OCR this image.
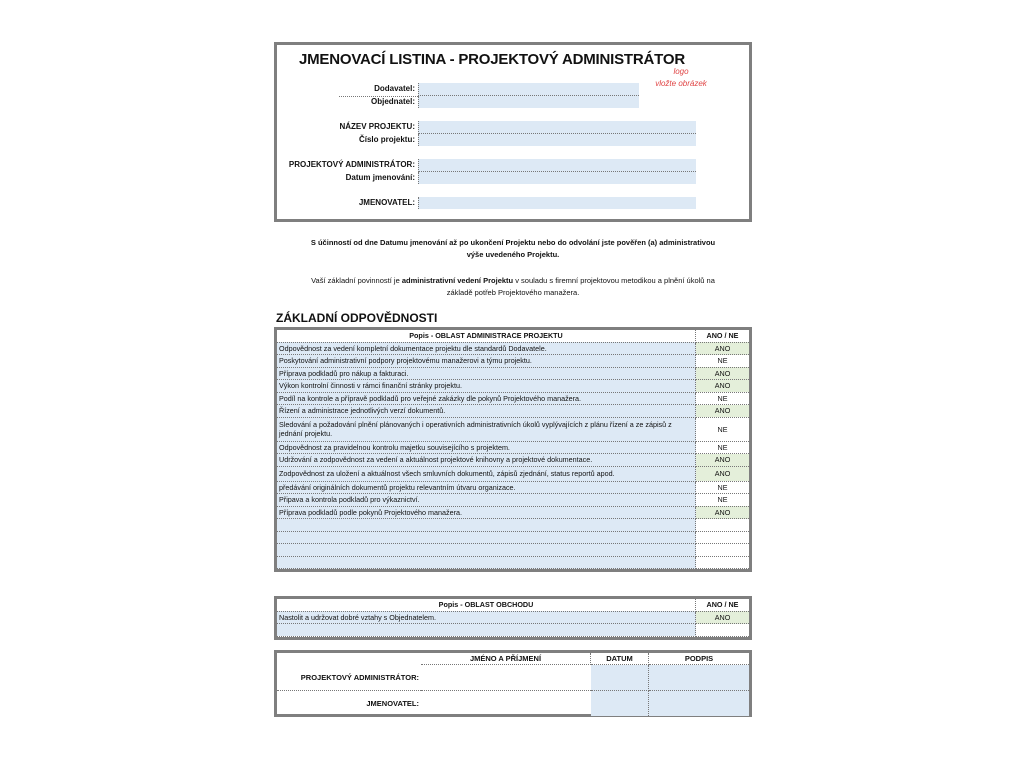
JMENOVACÍ LISTINA - PROJEKTOVÝ ADMINISTRÁTOR
logo
vložte obrázek
Dodavatel:
Objednatel:
NÁZEV PROJEKTU:
Číslo projektu:
PROJEKTOVÝ ADMINISTRÁTOR:
Datum jmenování:
JMENOVATEL:
S účinností od dne Datumu jmenování až po ukončení Projektu nebo do odvolání jste pověřen (a) administrativou výše uvedeného Projektu.
Vaší základní povinností je administrativní vedení Projektu v souladu s firemní projektovou metodikou a plnění úkolů na základě potřeb Projektového manažera.
ZÁKLADNÍ ODPOVĚDNOSTI
Popis - OBLAST ADMINISTRACE PROJEKTU	ANO / NE
Odpovědnost za vedení kompletní dokumentace projektu dle standardů Dodavatele.	ANO
Poskytování administrativní podpory projektovému manažerovi a týmu projektu.	NE
Příprava podkladů pro nákup a fakturaci.	ANO
Výkon kontrolní činnosti v rámci finanční stránky projektu.	ANO
Podíl na kontrole a přípravě podkladů pro veřejné zakázky dle pokynů Projektového manažera.	NE
Řízení a administrace jednotlivých verzí dokumentů.	ANO
Sledování a požadování plnění plánovaných i operativních administrativních úkolů vyplývajících z plánu řízení a ze zápisů z jednání projektu.	NE
Odpovědnost za pravidelnou kontrolu majetku souvisejícího s projektem.	NE
Udržování a zodpovědnost za vedení a aktuálnost projektové knihovny a projektové dokumentace.	ANO
Zodpovědnost za uložení a aktuálnost všech smluvních dokumentů, zápisů zjednání, status reportů apod.	ANO
předávání originálních dokumentů projektu relevantním útvaru organizace.	NE
Připava a kontrola podkladů pro výkaznictví.	NE
Příprava podkladů podle pokynů Projektového manažera.	ANO

Popis - OBLAST OBCHODU	ANO / NE
Nastolit a udržovat dobré vztahy s Objednatelem.	ANO

	JMÉNO A PŘÍJMENÍ	DATUM	PODPIS
PROJEKTOVÝ ADMINISTRÁTOR:			
JMENOVATEL:			
